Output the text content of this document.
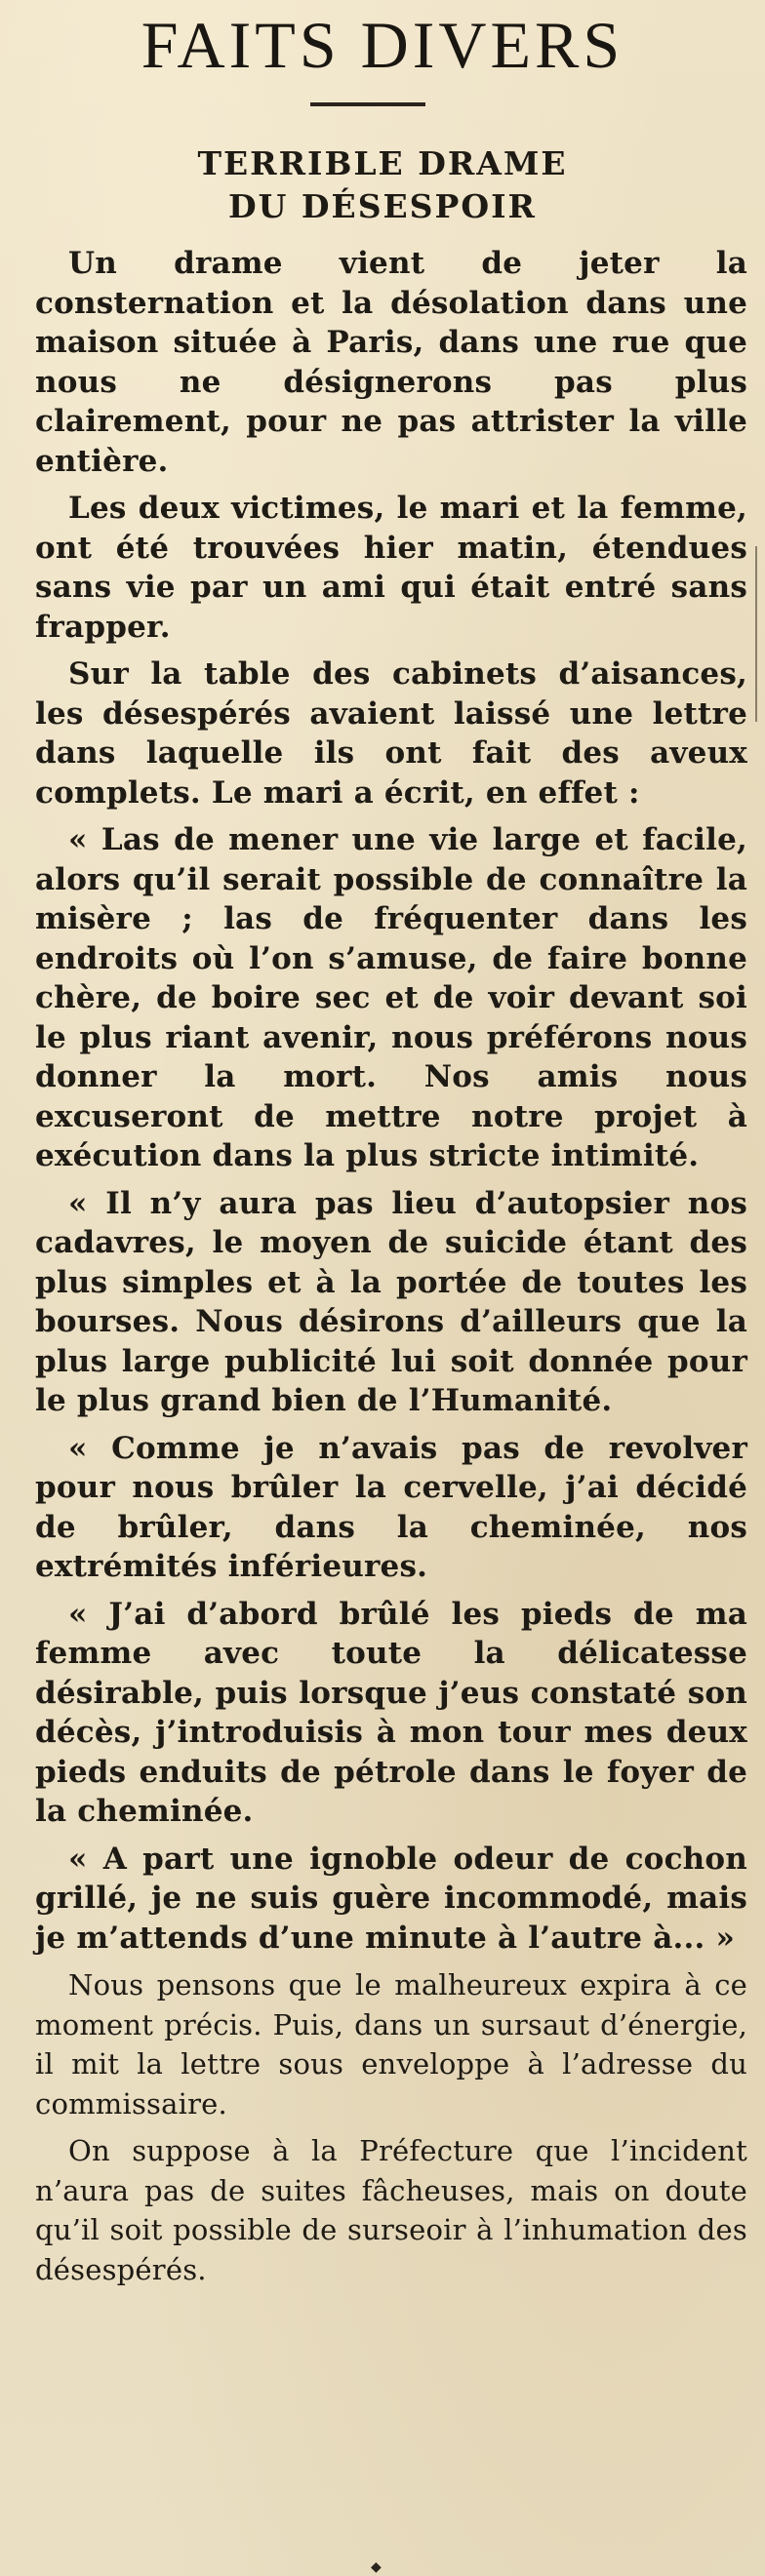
FAITS DIVERS
TERRIBLE DRAME
DU DÉSESPOIR

Un drame vient de jeter la consternation et la désolation dans une maison située à Paris, dans une rue que nous ne désignerons pas plus clairement, pour ne pas attrister la ville entière.

Les deux victimes, le mari et la femme, ont été trouvées hier matin, étendues sans vie par un ami qui était entré sans frapper.

Sur la table des cabinets d’aisances, les désespérés avaient laissé une lettre dans laquelle ils ont fait des aveux complets. Le mari a écrit, en effet :

« Las de mener une vie large et facile, alors qu’il serait possible de connaître la misère ; las de fréquenter dans les endroits où l’on s’amuse, de faire bonne chère, de boire sec et de voir devant soi le plus riant avenir, nous préférons nous donner la mort. Nos amis nous excuseront de mettre notre projet à exécution dans la plus stricte intimité.

« Il n’y aura pas lieu d’autopsier nos cadavres, le moyen de suicide étant des plus simples et à la portée de toutes les bourses. Nous désirons d’ailleurs que la plus large publicité lui soit donnée pour le plus grand bien de l’Humanité.

« Comme je n’avais pas de revolver pour nous brûler la cervelle, j’ai décidé de brûler, dans la cheminée, nos extrémités inférieures.

« J’ai d’abord brûlé les pieds de ma femme avec toute la délicatesse désirable, puis lorsque j’eus constaté son décès, j’introduisis à mon tour mes deux pieds enduits de pétrole dans le foyer de la cheminée.

« A part une ignoble odeur de cochon grillé, je ne suis guère incommodé, mais je m’attends d’une minute à l’autre à... »

Nous pensons que le malheureux expira à ce moment précis. Puis, dans un sursaut d’énergie, il mit la lettre sous enveloppe à l’adresse du commissaire.

On suppose à la Préfecture que l’incident n’aura pas de suites fâcheuses, mais on doute qu’il soit possible de surseoir à l’inhumation des désespérés.

◆
